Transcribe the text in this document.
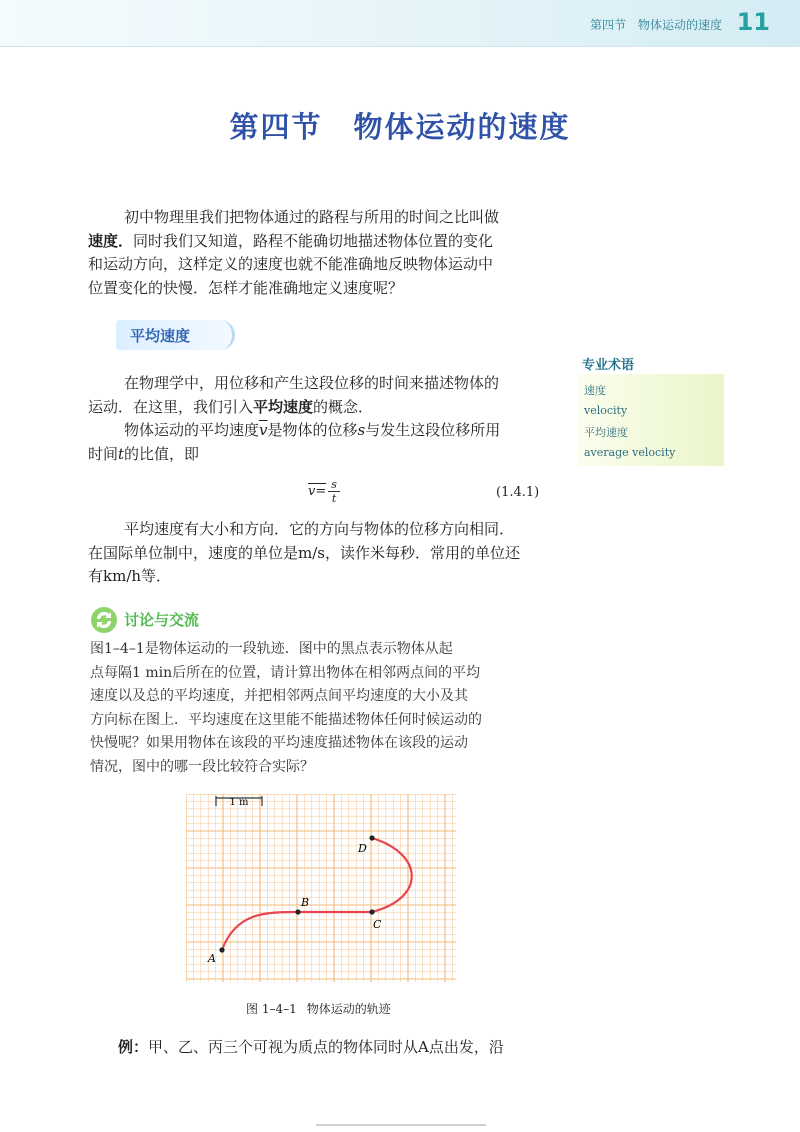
第四节　物体运动的速度 11
第四节　物体运动的速度
初中物理里我们把物体通过的路程与所用的时间之比叫做
速度．同时我们又知道，路程不能确切地描述物体位置的变化
和运动方向，这样定义的速度也就不能准确地反映物体运动中
位置变化的快慢．怎样才能准确地定义速度呢？
平均速度
专业术语
速度
velocity
平均速度
average velocity
在物理学中，用位移和产生这段位移的时间来描述物体的
运动．在这里，我们引入平均速度的概念．
物体运动的平均速度$\overline{v}$是物体的位移s与发生这段位移所用
时间t的比值，即
$v= \frac{s}{t}$	(1.4.1)
平均速度有大小和方向．它的方向与物体的位移方向相同．
在国际单位制中，速度的单位是m/s，读作米每秒．常用的单位还
有km/h等．
讨论与交流
图1–4–1是物体运动的一段轨迹．图中的黑点表示物体从起
点每隔1 min后所在的位置，请计算出物体在相邻两点间的平均
速度以及总的平均速度，并把相邻两点间平均速度的大小及其
方向标在图上．平均速度在这里能不能描述物体任何时候运动的
快慢呢？如果用物体在该段的平均速度描述物体在该段的运动
情况，图中的哪一段比较符合实际？
1 m
A
B
C
D
图 1–4–1 物体运动的轨迹
例：甲、乙、丙三个可视为质点的物体同时从A点出发，沿
